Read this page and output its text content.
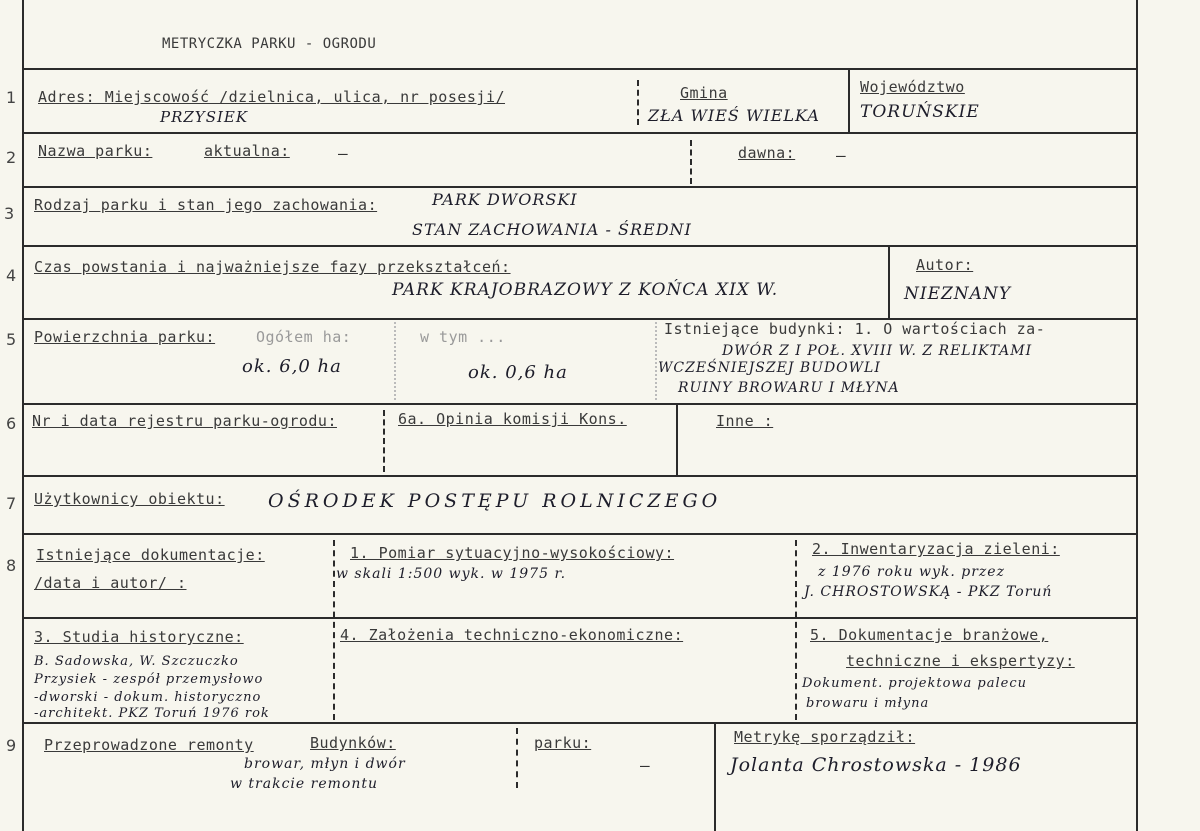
METRYCZKA PARKU - OGRODU
1 Adres: Miejscowość /dzielnica, ulica, nr posesji/
PRZYSIEK
Gmina
ZŁA WIEŚ WIELKA
Województwo
TORUŃSKIE
2 Nazwa parku:	aktualna:	—	dawna:	—
3 Rodzaj parku i stan jego zachowania:	PARK DWORSKI
STAN ZACHOWANIA - ŚREDNI
4 Czas powstania i najważniejsze fazy przekształceń:
PARK KRAJOBRAZOWY Z KOŃCA XIX W.
Autor:
NIEZNANY
5 Powierzchnia parku:	Ogółem ha:
ok. 6,0 ha
w tym ...
ok. 0,6 ha
Istniejące budynki: 1. O wartościach za-
DWÓR Z I POŁ. XVIII W. Z RELIKTAMI
WCZEŚNIEJSZEJ BUDOWLI
RUINY BROWARU I MŁYNA
6 Nr i data rejestru parku-ogrodu:	6a. Opinia komisji Kons.	Inne :
7 Użytkownicy obiektu: OŚRODEK POSTĘPU ROLNICZEGO
8
Istniejące dokumentacje:
/data i autor/ :
1. Pomiar sytuacyjno-wysokościowy:
w skali 1:500 wyk. w 1975 r.
2. Inwentaryzacja zieleni:
z 1976 roku wyk. przez
J. CHROSTOWSKĄ - PKZ Toruń
3. Studia historyczne:
B. Sadowska, W. Szczuczko
Przysiek - zespół przemysłowo
-dworski - dokum. historyczno
-architekt. PKZ Toruń 1976 rok
4. Założenia techniczno-ekonomiczne:	5. Dokumentacje branżowe,
techniczne i ekspertyzy:
Dokument. projektowa palecu
browaru i młyna
9 Przeprowadzone remonty	Budynków:
browar, młyn i dwór
w trakcie remontu
parku:
—
Metrykę sporządził:
Jolanta Chrostowska - 1986
